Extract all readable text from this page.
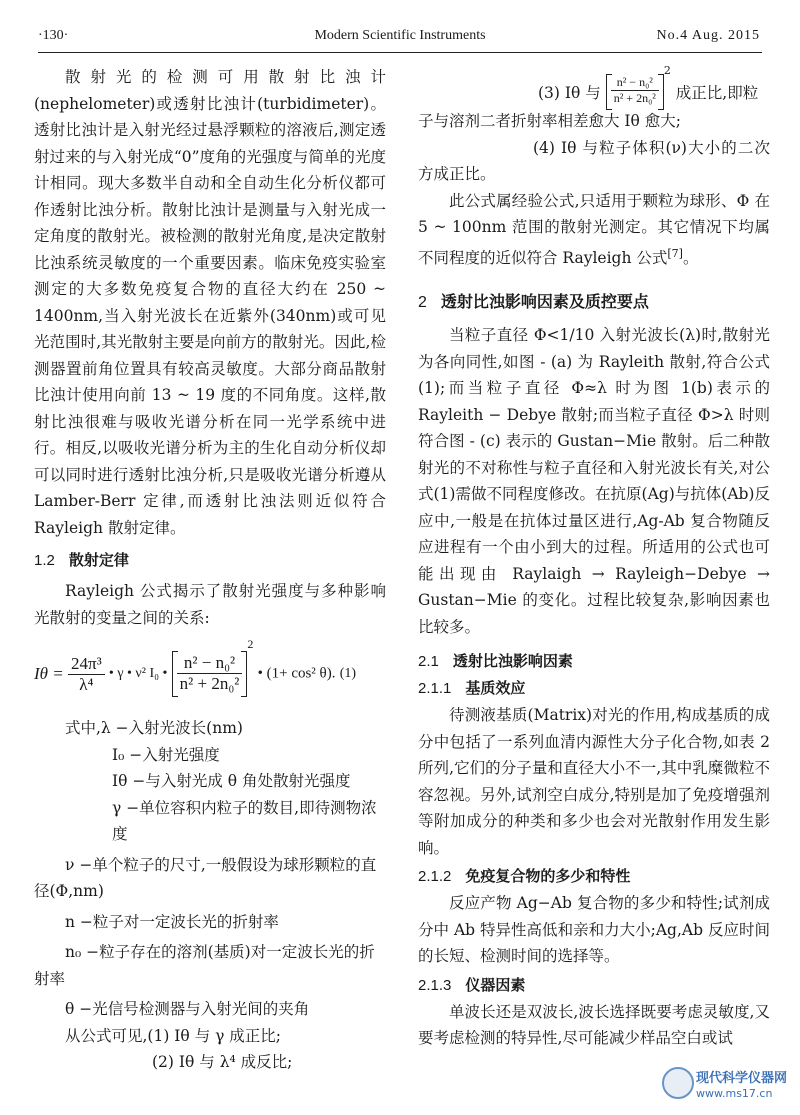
·130·	Modern Scientific Instruments	No.4 Aug. 2015

散射光的检测可用散射比浊计(nephelometer)或透射比浊计(turbidimeter)。透射比浊计是入射光经过悬浮颗粒的溶液后,测定透射过来的与入射光成“0”度角的光强度与简单的光度计相同。现大多数半自动和全自动生化分析仪都可作透射比浊分析。散射比浊计是测量与入射光成一定角度的散射光。被检测的散射光角度,是决定散射比浊系统灵敏度的一个重要因素。临床免疫实验室测定的大多数免疫复合物的直径大约在 250 ~ 1400nm,当入射光波长在近紫外(340nm)或可见光范围时,其光散射主要是向前方的散射光。因此,检测器置前角位置具有较高灵敏度。大部分商品散射比浊计使用向前 13 ~ 19 度的不同角度。这样,散射比浊很难与吸收光谱分析在同一光学系统中进行。相反,以吸收光谱分析为主的生化自动分析仪却可以同时进行透射比浊分析,只是吸收光谱分析遵从 Lamber-Berr 定律,而透射比浊法则近似符合 Rayleigh 散射定律。

1.2 散射定律

Rayleigh 公式揭示了散射光强度与多种影响光散射的变量之间的关系:

$I\theta = \frac{\text{24π³}}{\text{λ⁴}}$ • γ • ν² I₀ • $\frac{\text{n² − n₀²}}{\text{n² + 2n₀²}}$
$^2$ • (1+ cos² θ). (1)

式中,λ −入射光波长(nm)

I₀ −入射光强度

Iθ −与入射光成 θ 角处散射光强度

γ −单位容积内粒子的数目,即待测物浓度

ν −单个粒子的尺寸,一般假设为球形颗粒的直径(Φ,nm)

n −粒子对一定波长光的折射率

n₀ −粒子存在的溶剂(基质)对一定波长光的折射率

θ −光信号检测器与入射光间的夹角

从公式可见,(1) Iθ 与 γ 成正比;

(2) Iθ 与 λ⁴ 成反比;

(3) Iθ 与 $\frac{\text{n² − n₀²}}{\text{n² + 2n₀²}}$
$^2$ 成正比,即粒

子与溶剂二者折射率相差愈大 Iθ 愈大;

(4) Iθ 与粒子体积(ν)大小的二次方成正比。

此公式属经验公式,只适用于颗粒为球形、Φ 在 5 ~ 100nm 范围的散射光测定。其它情况下均属不同程度的近似符合 Rayleigh 公式[7]。

2 透射比浊影响因素及质控要点

当粒子直径 Φ<1/10 入射光波长(λ)时,散射光为各向同性,如图 - (a) 为 Rayleith 散射,符合公式(1);而当粒子直径 Φ≈λ 时为图 1(b)表示的 Rayleith − Debye 散射;而当粒子直径 Φ>λ 时则符合图 - (c) 表示的 Gustan−Mie 散射。后二种散射光的不对称性与粒子直径和入射光波长有关,对公式(1)需做不同程度修改。在抗原(Ag)与抗体(Ab)反应中,一般是在抗体过量区进行,Ag-Ab 复合物随反应进程有一个由小到大的过程。所适用的公式也可能出现由 Raylaigh → Rayleigh−Debye → Gustan−Mie 的变化。过程比较复杂,影响因素也比较多。

2.1 透射比浊影响因素

2.1.1 基质效应

待测液基质(Matrix)对光的作用,构成基质的成分中包括了一系列血清内源性大分子化合物,如表 2 所列,它们的分子量和直径大小不一,其中乳糜微粒不容忽视。另外,试剂空白成分,特别是加了免疫增强剂等附加成分的种类和多少也会对光散射作用发生影响。

2.1.2 免疫复合物的多少和特性

反应产物 Ag−Ab 复合物的多少和特性;试剂成分中 Ab 特异性高低和亲和力大小;Ag,Ab 反应时间的长短、检测时间的选择等。

2.1.3 仪器因素

单波长还是双波长,波长选择既要考虑灵敏度,又要考虑检测的特异性,尽可能减少样品空白或试

现代科学仪器网
www.ms17.cn
